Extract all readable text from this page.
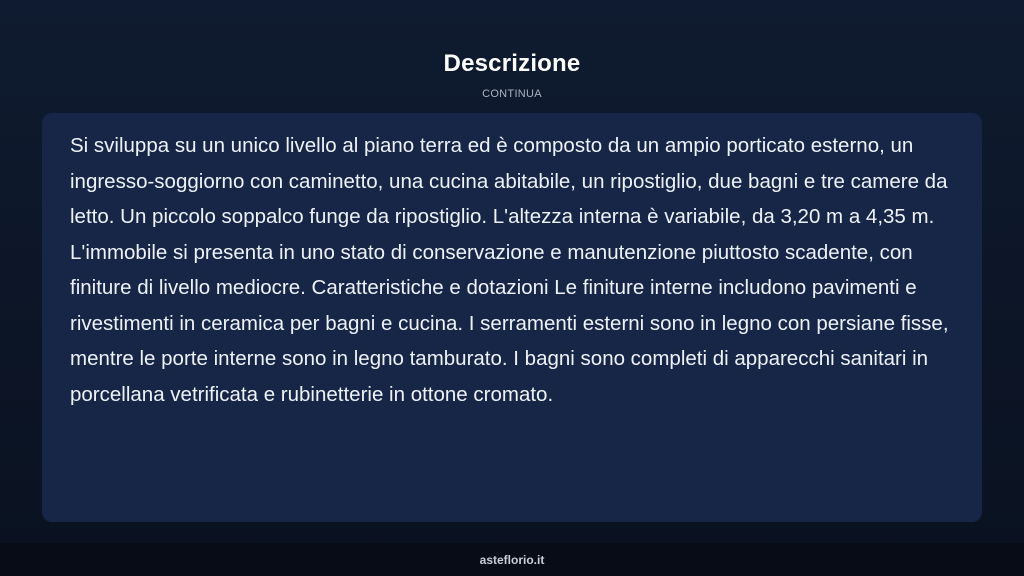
Descrizione
CONTINUA

Si sviluppa su un unico livello al piano terra ed è composto da un ampio porticato esterno, un ingresso-soggiorno con caminetto, una cucina abitabile, un ripostiglio, due bagni e tre camere da letto. Un piccolo soppalco funge da ripostiglio. L'altezza interna è variabile, da 3,20 m a 4,35 m. L'immobile si presenta in uno stato di conservazione e manutenzione piuttosto scadente, con finiture di livello mediocre. Caratteristiche e dotazioni Le finiture interne includono pavimenti e rivestimenti in ceramica per bagni e cucina. I serramenti esterni sono in legno con persiane fisse, mentre le porte interne sono in legno tamburato. I bagni sono completi di apparecchi sanitari in porcellana vetrificata e rubinetterie in ottone cromato.

asteflorio.it
